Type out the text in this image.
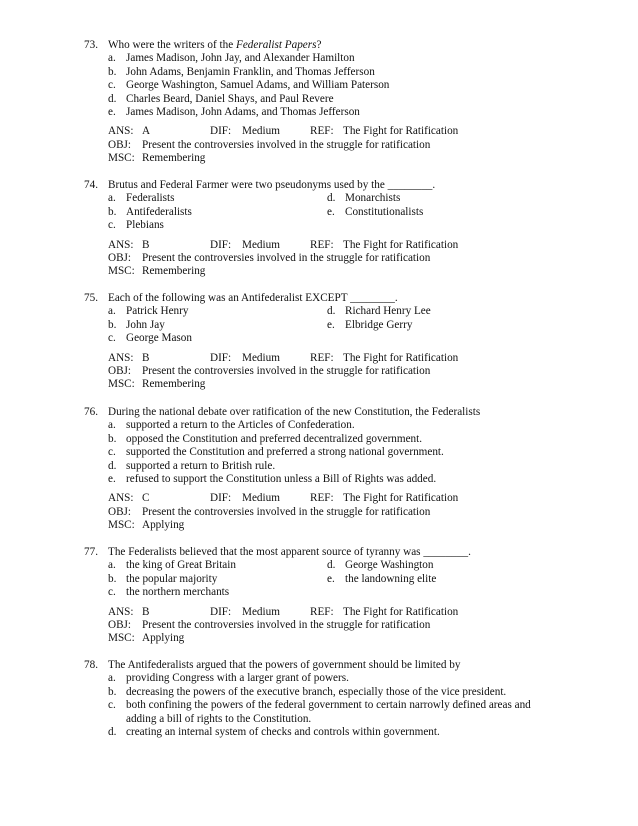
73. Who were the writers of the Federalist Papers?
a. James Madison, John Jay, and Alexander Hamilton
b. John Adams, Benjamin Franklin, and Thomas Jefferson
c. George Washington, Samuel Adams, and William Paterson
d. Charles Beard, Daniel Shays, and Paul Revere
e. James Madison, John Adams, and Thomas Jefferson
ANS: A	DIF: Medium	REF: The Fight for Ratification
OBJ: Present the controversies involved in the struggle for ratification
MSC: Remembering
74. Brutus and Federal Farmer were two pseudonyms used by the ________.
a. Federalists	d. Monarchists
b. Antifederalists	e. Constitutionalists
c. Plebians
ANS: B	DIF: Medium	REF: The Fight for Ratification
OBJ: Present the controversies involved in the struggle for ratification
MSC: Remembering
75. Each of the following was an Antifederalist EXCEPT ________.
a. Patrick Henry	d. Richard Henry Lee
b. John Jay	e. Elbridge Gerry
c. George Mason
ANS: B	DIF: Medium	REF: The Fight for Ratification
OBJ: Present the controversies involved in the struggle for ratification
MSC: Remembering
76. During the national debate over ratification of the new Constitution, the Federalists
a. supported a return to the Articles of Confederation.
b. opposed the Constitution and preferred decentralized government.
c. supported the Constitution and preferred a strong national government.
d. supported a return to British rule.
e. refused to support the Constitution unless a Bill of Rights was added.
ANS: C	DIF: Medium	REF: The Fight for Ratification
OBJ: Present the controversies involved in the struggle for ratification
MSC: Applying
77. The Federalists believed that the most apparent source of tyranny was ________.
a. the king of Great Britain	d. George Washington
b. the popular majority	e. the landowning elite
c. the northern merchants
ANS: B	DIF: Medium	REF: The Fight for Ratification
OBJ: Present the controversies involved in the struggle for ratification
MSC: Applying
78. The Antifederalists argued that the powers of government should be limited by
a. providing Congress with a larger grant of powers.
b. decreasing the powers of the executive branch, especially those of the vice president.
c. both confining the powers of the federal government to certain narrowly defined areas and adding a bill of rights to the Constitution.
d. creating an internal system of checks and controls within government.
